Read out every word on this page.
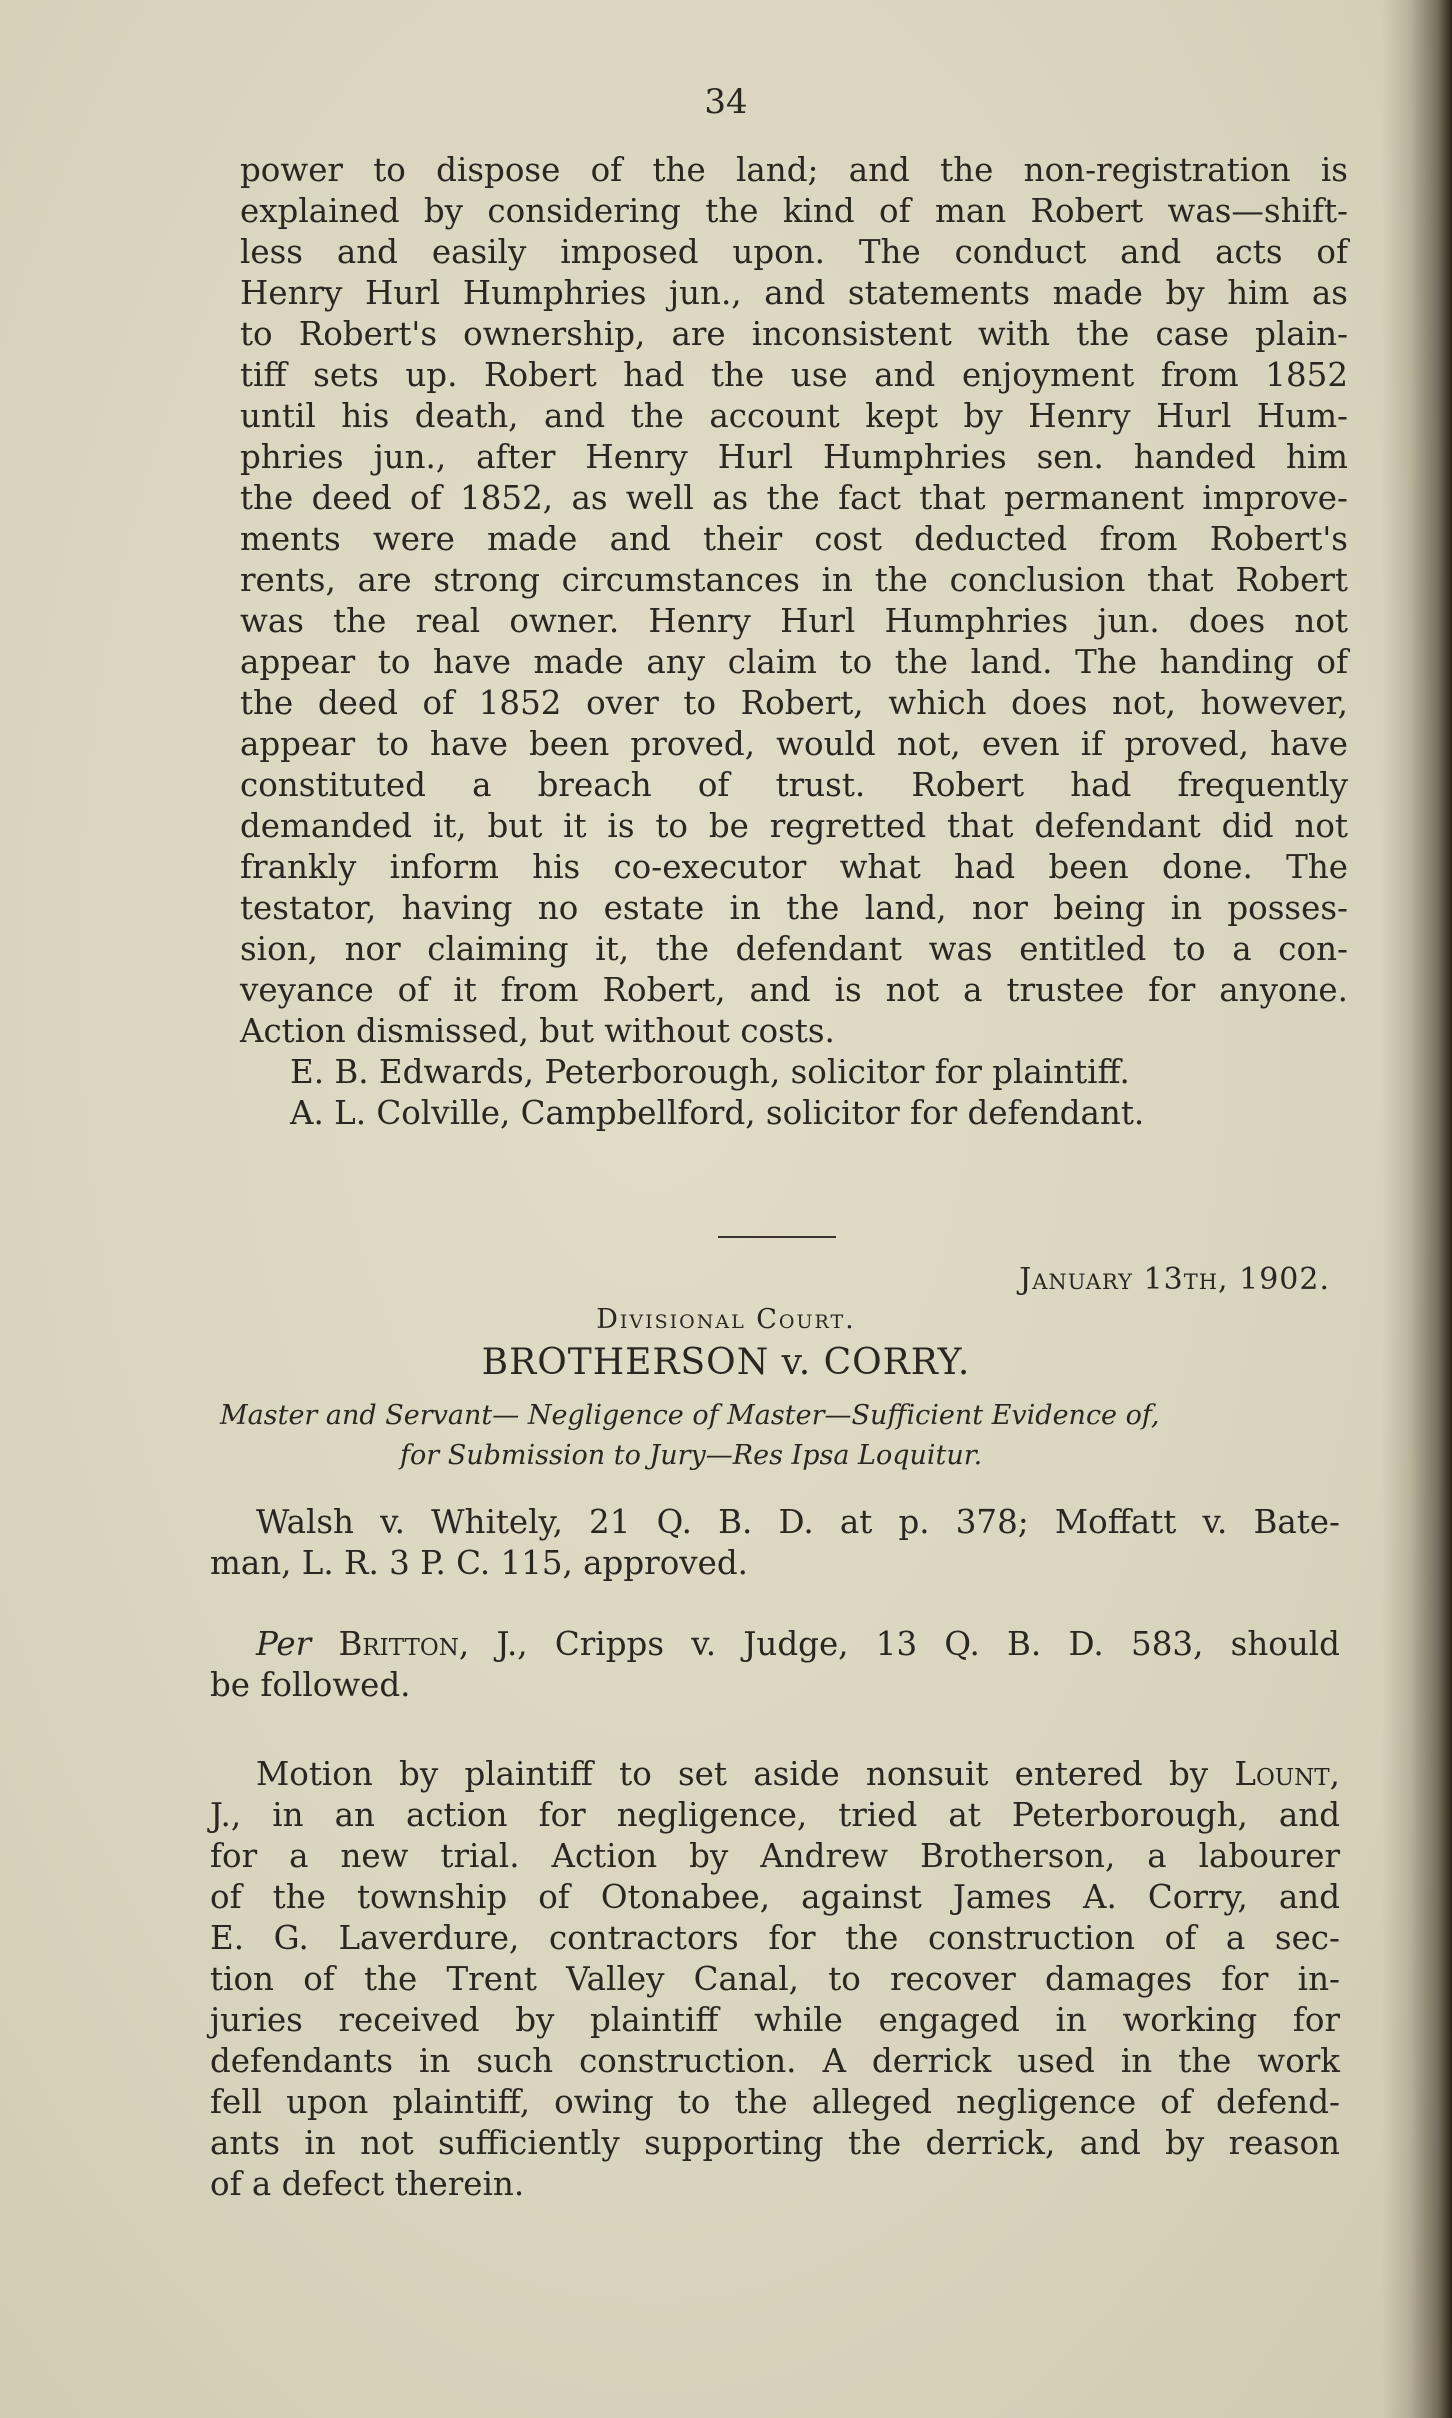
34
power to dispose of the land; and the non-registration is
explained by considering the kind of man Robert was—shift-
less and easily imposed upon. The conduct and acts of
Henry Hurl Humphries jun., and statements made by him as
to Robert's ownership, are inconsistent with the case plain-
tiff sets up. Robert had the use and enjoyment from 1852
until his death, and the account kept by Henry Hurl Hum-
phries jun., after Henry Hurl Humphries sen. handed him
the deed of 1852, as well as the fact that permanent improve-
ments were made and their cost deducted from Robert's
rents, are strong circumstances in the conclusion that Robert
was the real owner. Henry Hurl Humphries jun. does not
appear to have made any claim to the land. The handing of
the deed of 1852 over to Robert, which does not, however,
appear to have been proved, would not, even if proved, have
constituted a breach of trust. Robert had frequently
demanded it, but it is to be regretted that defendant did not
frankly inform his co-executor what had been done. The
testator, having no estate in the land, nor being in posses-
sion, nor claiming it, the defendant was entitled to a con-
veyance of it from Robert, and is not a trustee for anyone.
Action dismissed, but without costs.
E. B. Edwards, Peterborough, solicitor for plaintiff.
A. L. Colville, Campbellford, solicitor for defendant.
January 13th, 1902.
Divisional Court.
BROTHERSON v. CORRY.
Master and Servant— Negligence of Master—Sufficient Evidence of,
for Submission to Jury—Res Ipsa Loquitur.
Walsh v. Whitely, 21 Q. B. D. at p. 378; Moffatt v. Bate-
man, L. R. 3 P. C. 115, approved.
Per Britton, J., Cripps v. Judge, 13 Q. B. D. 583, should
be followed.
Motion by plaintiff to set aside nonsuit entered by Lount,
J., in an action for negligence, tried at Peterborough, and
for a new trial. Action by Andrew Brotherson, a labourer
of the township of Otonabee, against James A. Corry, and
E. G. Laverdure, contractors for the construction of a sec-
tion of the Trent Valley Canal, to recover damages for in-
juries received by plaintiff while engaged in working for
defendants in such construction. A derrick used in the work
fell upon plaintiff, owing to the alleged negligence of defend-
ants in not sufficiently supporting the derrick, and by reason
of a defect therein.
